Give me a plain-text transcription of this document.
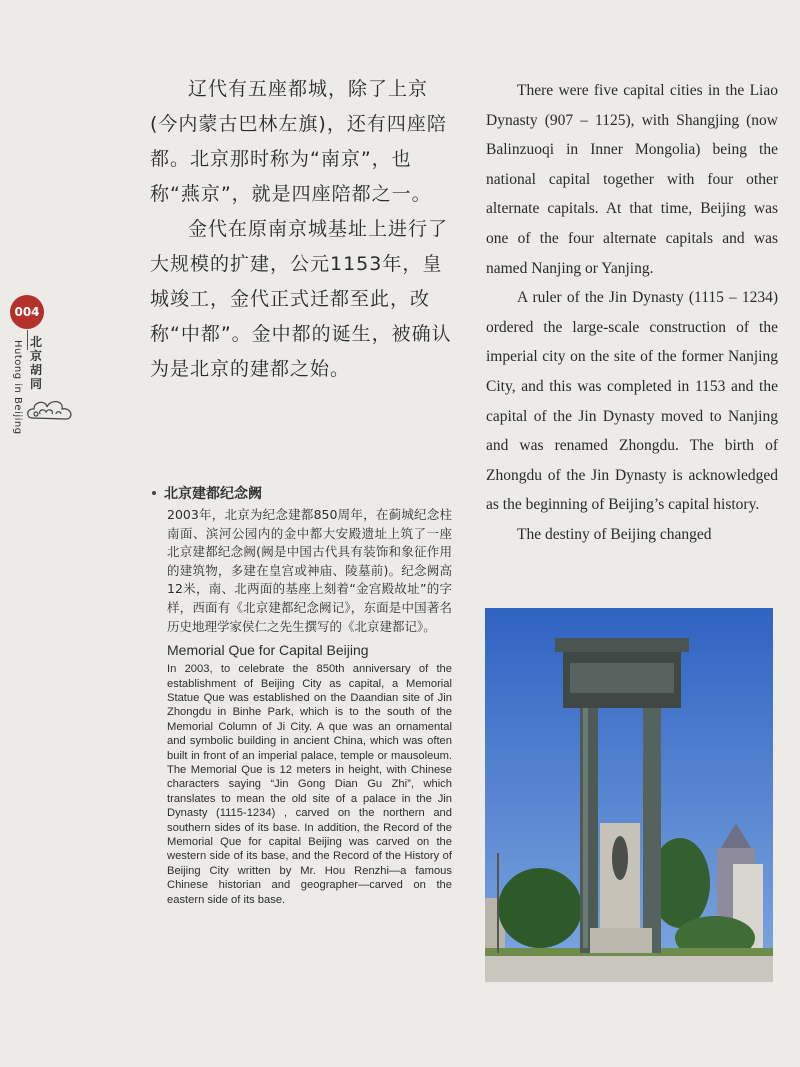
004
北京胡同
Hutong in Beijing

辽代有五座都城，除了上京(今内蒙古巴林左旗)，还有四座陪都。北京那时称为“南京”，也称“燕京”，就是四座陪都之一。

金代在原南京城基址上进行了大规模的扩建，公元1153年，皇城竣工，金代正式迁都至此，改称“中都”。金中都的诞生，被确认为是北京的建都之始。

There were five capital cities in the Liao Dynasty (907 – 1125), with Shangjing (now Balinzuoqi in Inner Mongolia) being the national capital together with four other alternate capitals. At that time, Beijing was one of the four alternate capitals and was named Nanjing or Yanjing.

A ruler of the Jin Dynasty (1115 – 1234) ordered the large-scale construction of the imperial city on the site of the former Nanjing City, and this was completed in 1153 and the capital of the Jin Dynasty moved to Nanjing and was renamed Zhongdu. The birth of Zhongdu of the Jin Dynasty is acknowledged as the beginning of Beijing’s capital history.

The destiny of Beijing changed

北京建都纪念阙
2003年，北京为纪念建都850周年，在蓟城纪念柱南面、滨河公园内的金中都大安殿遗址上筑了一座北京建都纪念阙(阙是中国古代具有装饰和象征作用的建筑物，多建在皇宫或神庙、陵墓前)。纪念阙高12米，南、北两面的基座上刻着“金宫殿故址”的字样，西面有《北京建都纪念阙记》，东面是中国著名历史地理学家侯仁之先生撰写的《北京建都记》。
Memorial Que for Capital Beijing
In 2003, to celebrate the 850th anniversary of the establishment of Beijing City as capital, a Memorial Statue Que was established on the Daandian site of Jin Zhongdu in Binhe Park, which is to the south of the Memorial Column of Ji City. A que was an ornamental and symbolic building in ancient China, which was often built in front of an imperial palace, temple or mausoleum. The Memorial Que is 12 meters in height, with Chinese characters saying “Jin Gong Dian Gu Zhi”, which translates to mean the old site of a palace in the Jin Dynasty (1115-1234) , carved on the northern and southern sides of its base. In addition, the Record of the Memorial Que for capital Beijing was carved on the western side of its base, and the Record of the History of Beijing City written by Mr. Hou Renzhi—a famous Chinese historian and geographer—carved on the eastern side of its base.
